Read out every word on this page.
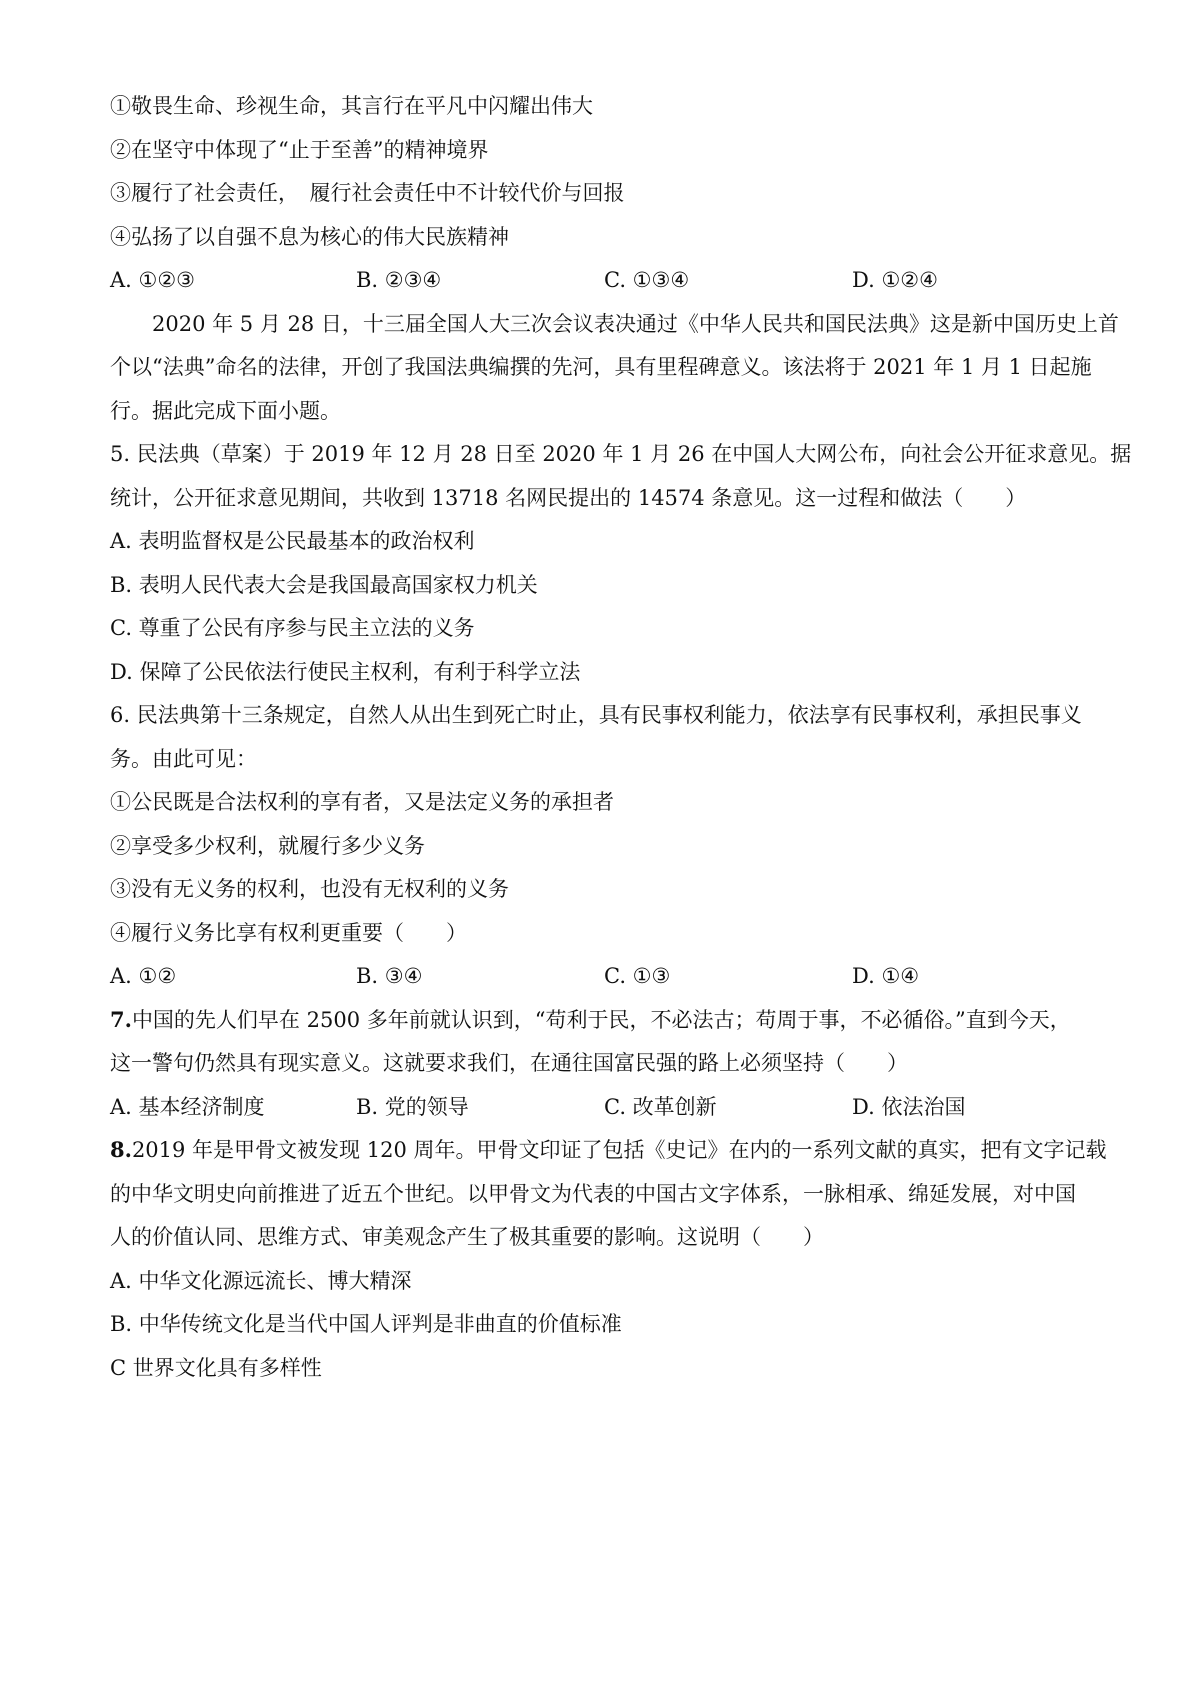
①敬畏生命、珍视生命，其言行在平凡中闪耀出伟大
②在坚守中体现了“止于至善”的精神境界
③履行了社会责任，　履行社会责任中不计较代价与回报
④弘扬了以自强不息为核心的伟大民族精神
A. ①②③	B. ②③④	C. ①③④	D. ①②④
2020 年 5 月 28 日，十三届全国人大三次会议表决通过《中华人民共和国民法典》这是新中国历史上首
个以“法典”命名的法律，开创了我国法典编撰的先河，具有里程碑意义。该法将于 2021 年 1 月 1 日起施
行。据此完成下面小题。
5. 民法典（草案）于 2019 年 12 月 28 日至 2020 年 1 月 26 在中国人大网公布，向社会公开征求意见。据
统计，公开征求意见期间，共收到 13718 名网民提出的 14574 条意见。这一过程和做法（　　）
A. 表明监督权是公民最基本的政治权利
B. 表明人民代表大会是我国最高国家权力机关
C. 尊重了公民有序参与民主立法的义务
D. 保障了公民依法行使民主权利，有利于科学立法
6. 民法典第十三条规定，自然人从出生到死亡时止，具有民事权利能力，依法享有民事权利，承担民事义
务。由此可见：
①公民既是合法权利的享有者，又是法定义务的承担者
②享受多少权利，就履行多少义务
③没有无义务的权利，也没有无权利的义务
④履行义务比享有权利更重要（　　）
A. ①②	B. ③④	C. ①③	D. ①④
7.中国的先人们早在 2500 多年前就认识到，“苟利于民，不必法古；苟周于事，不必循俗。”直到今天，
这一警句仍然具有现实意义。这就要求我们，在通往国富民强的路上必须坚持（　　）
A. 基本经济制度	B. 党的领导	C. 改革创新	D. 依法治国
8.2019 年是甲骨文被发现 120 周年。甲骨文印证了包括《史记》在内的一系列文献的真实，把有文字记载
的中华文明史向前推进了近五个世纪。以甲骨文为代表的中国古文字体系，一脉相承、绵延发展，对中国
人的价值认同、思维方式、审美观念产生了极其重要的影响。这说明（　　）
A. 中华文化源远流长、博大精深
B. 中华传统文化是当代中国人评判是非曲直的价值标准
C 世界文化具有多样性
